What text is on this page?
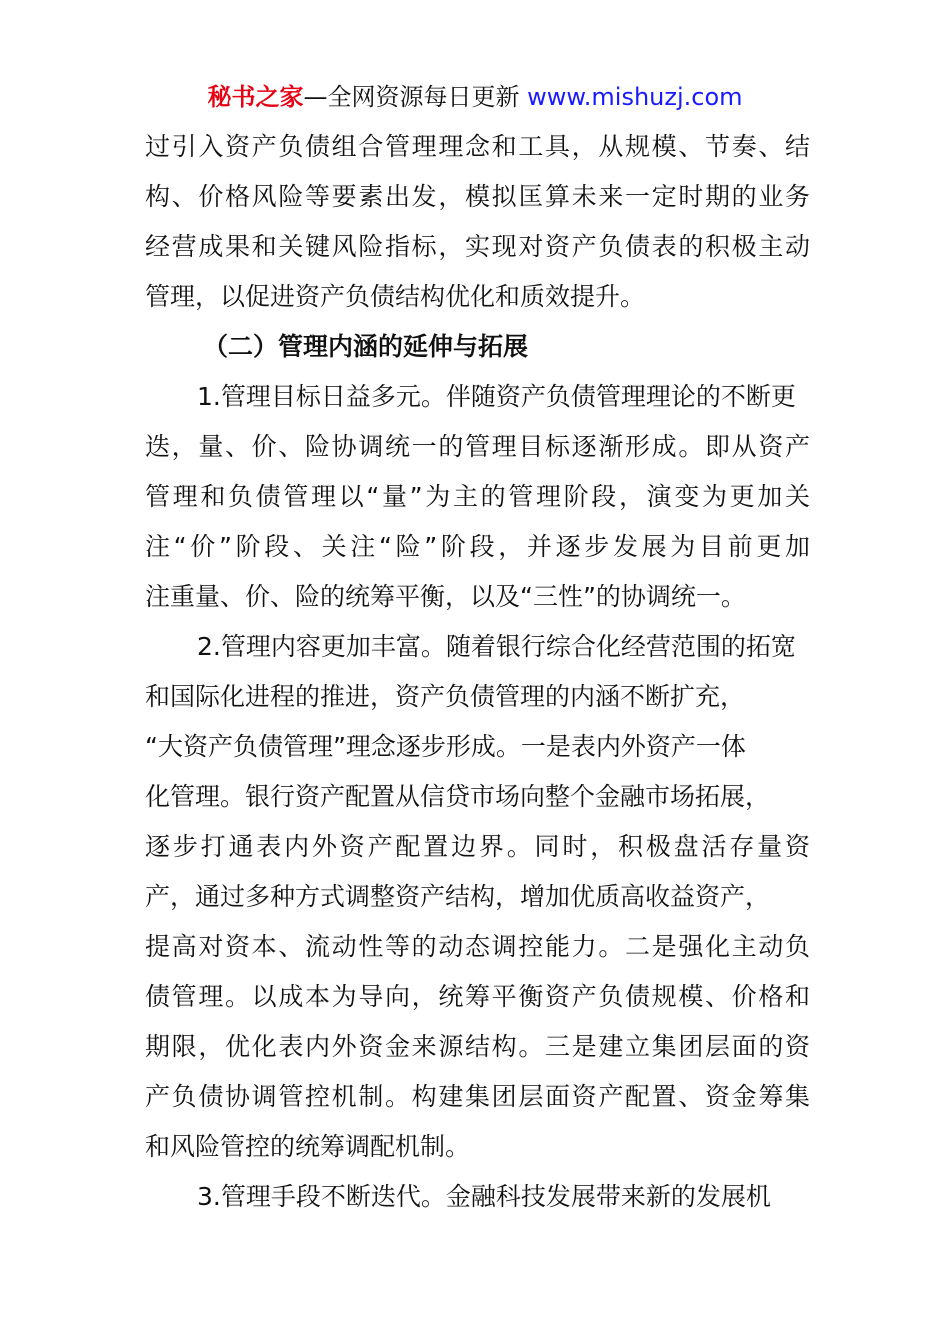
秘书之家—全网资源每日更新 www.mishuzj.com
过引入资产负债组合管理理念和工具，从规模、节奏、结
构、价格风险等要素出发，模拟匡算未来一定时期的业务
经营成果和关键风险指标，实现对资产负债表的积极主动
管理，以促进资产负债结构优化和质效提升。
（二）管理内涵的延伸与拓展
1.管理目标日益多元。伴随资产负债管理理论的不断更
迭，量、价、险协调统一的管理目标逐渐形成。即从资产
管理和负债管理以“量”为主的管理阶段，演变为更加关
注“价”阶段、关注“险”阶段，并逐步发展为目前更加
注重量、价、险的统筹平衡，以及“三性”的协调统一。
2.管理内容更加丰富。随着银行综合化经营范围的拓宽
和国际化进程的推进，资产负债管理的内涵不断扩充，
“大资产负债管理”理念逐步形成。一是表内外资产一体
化管理。银行资产配置从信贷市场向整个金融市场拓展，
逐步打通表内外资产配置边界。同时，积极盘活存量资
产，通过多种方式调整资产结构，增加优质高收益资产，
提高对资本、流动性等的动态调控能力。二是强化主动负
债管理。以成本为导向，统筹平衡资产负债规模、价格和
期限，优化表内外资金来源结构。三是建立集团层面的资
产负债协调管控机制。构建集团层面资产配置、资金筹集
和风险管控的统筹调配机制。
3.管理手段不断迭代。金融科技发展带来新的发展机
